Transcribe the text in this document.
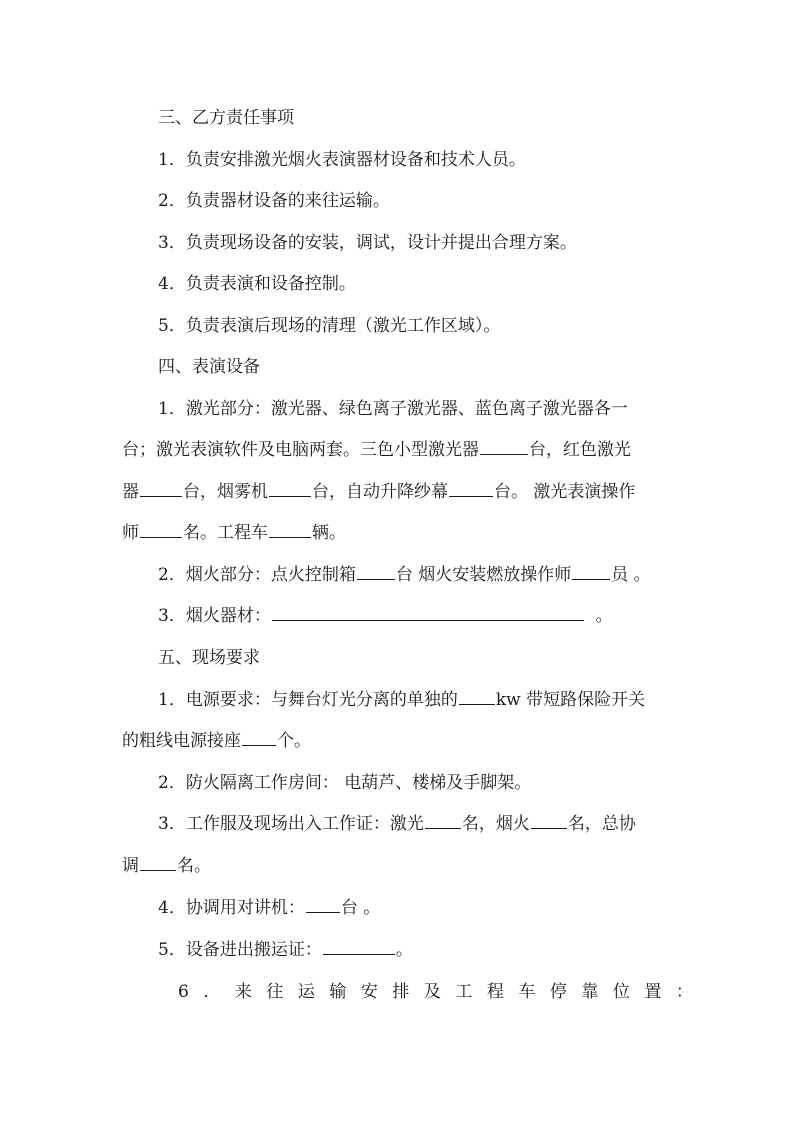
三、乙方责任事项
1．负责安排激光烟火表演器材设备和技术人员。
2．负责器材设备的来往运输。
3．负责现场设备的安装，调试，设计并提出合理方案。
4．负责表演和设备控制。
5．负责表演后现场的清理（激光工作区域）。
四、表演设备
1．激光部分：激光器、绿色离子激光器、蓝色离子激光器各一
台；激光表演软件及电脑两套。三色小型激光器	台，红色激光
器	台，烟雾机	台，自动升降纱幕	台。 激光表演操作
师	名。工程车	辆。
2．烟火部分：点火控制箱 台 烟火安装燃放操作师 员 。
3．烟火器材：	。
五、现场要求
1．电源要求：与舞台灯光分离的单独的 kw 带短路保险开关
的粗线电源接座 个。
2．防火隔离工作房间： 电葫芦、楼梯及手脚架。
3．工作服及现场出入工作证：激光 名，烟火 名，总协
调 名。
4．协调用对讲机： 台 。
5．设备进出搬运证：	。
6．来往运输安排及工程车停靠位置：
